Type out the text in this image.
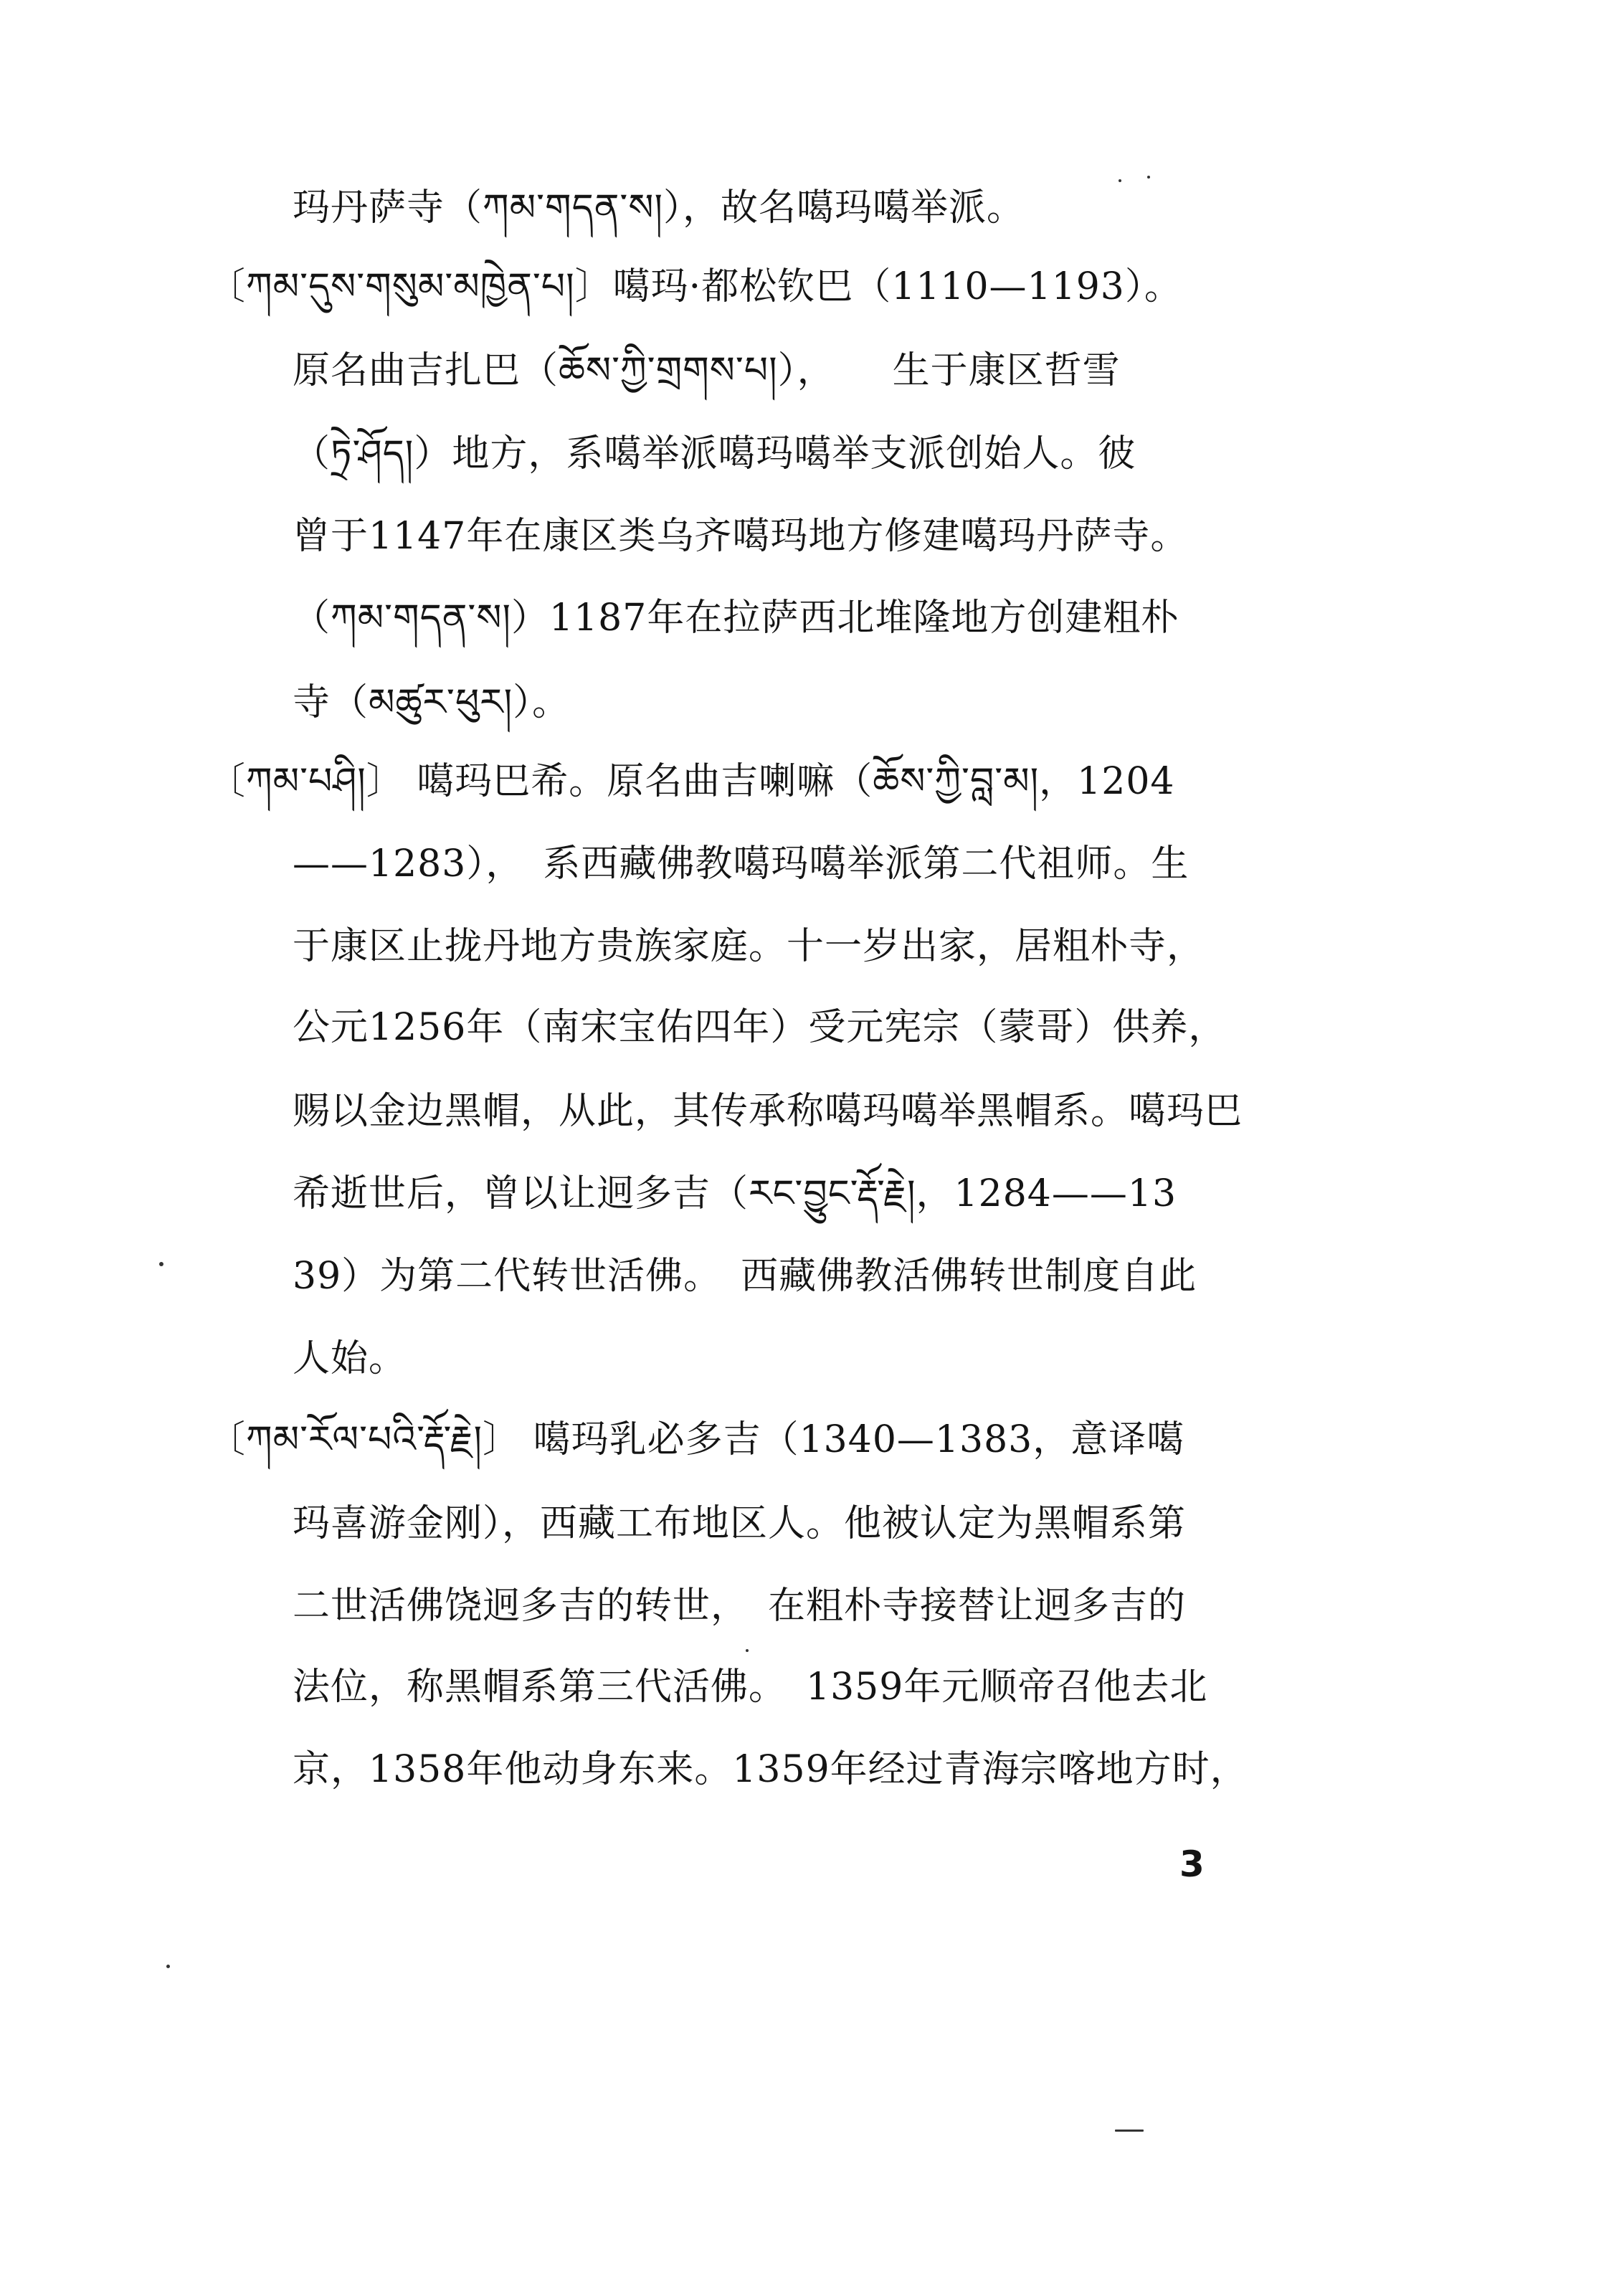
玛丹萨寺（ཀམ་གདན་ས།），故名噶玛噶举派。
〔ཀམ་དུས་གསུམ་མཁྱེན་པ།〕噶玛·都松钦巴（1110—1193）。
原名曲吉扎巴（ཆོས་ཀྱི་གྲགས་པ།），　　生于康区哲雪
（ཏྲེ་ཤོད།）地方，系噶举派噶玛噶举支派创始人。彼
曾于1147年在康区类乌齐噶玛地方修建噶玛丹萨寺。
（ཀམ་གདན་ས།）1187年在拉萨西北堆隆地方创建粗朴
寺（མཚུར་ཕུར།）。
〔ཀམ་པཤི།〕 噶玛巴希。原名曲吉喇嘛（ཆོས་ཀྱི་བླ་མ།，1204
——1283），　系西藏佛教噶玛噶举派第二代祖师。生
于康区止拢丹地方贵族家庭。十一岁出家，居粗朴寺，
公元1256年（南宋宝佑四年）受元宪宗（蒙哥）供养，
赐以金边黑帽，从此，其传承称噶玛噶举黑帽系。噶玛巴
希逝世后，曾以让迥多吉（རང་བྱུང་རྡོ་རྗེ།，1284——13
39）为第二代转世活佛。　西藏佛教活佛转世制度自此
人始。
〔ཀམ་རོལ་པའི་རྡོ་རྗེ།〕 噶玛乳必多吉（1340—1383，意译噶
玛喜游金刚），西藏工布地区人。他被认定为黑帽系第
二世活佛饶迥多吉的转世，　在粗朴寺接替让迥多吉的
法位，称黑帽系第三代活佛。　1359年元顺帝召他去北
京，1358年他动身东来。1359年经过青海宗喀地方时，
3
